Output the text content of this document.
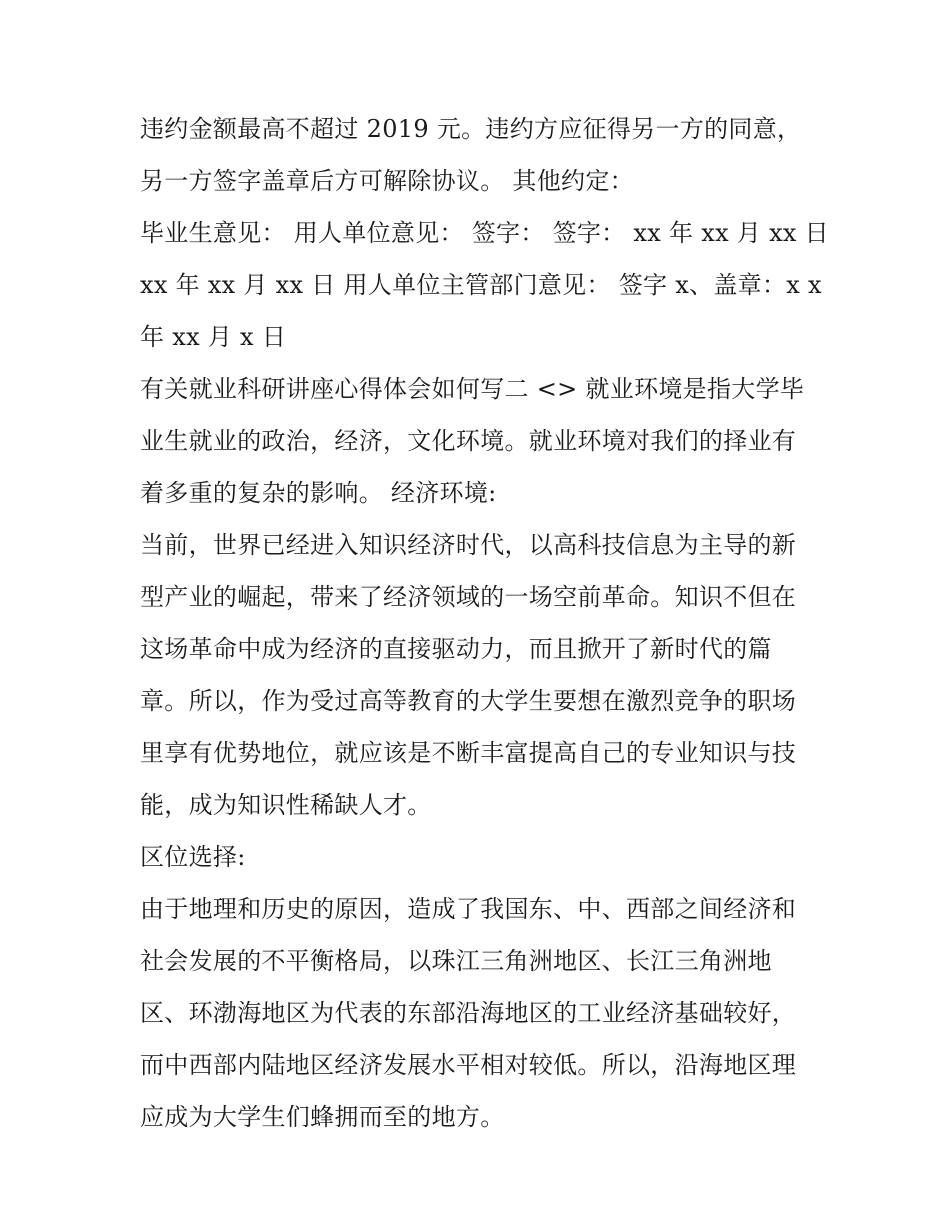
违约金额最高不超过 2019 元。违约方应征得另一方的同意，
另一方签字盖章后方可解除协议。 其他约定：
毕业生意见： 用人单位意见： 签字： 签字： xx 年 xx 月 xx 日
xx 年 xx 月 xx 日 用人单位主管部门意见： 签字 x、盖章：x x
年 xx 月 x 日
有关就业科研讲座心得体会如何写二 <> 就业环境是指大学毕
业生就业的政治，经济，文化环境。就业环境对我们的择业有
着多重的复杂的影响。 经济环境:
当前，世界已经进入知识经济时代，以高科技信息为主导的新
型产业的崛起，带来了经济领域的一场空前革命。知识不但在
这场革命中成为经济的直接驱动力，而且掀开了新时代的篇
章。所以，作为受过高等教育的大学生要想在激烈竞争的职场
里享有优势地位，就应该是不断丰富提高自己的专业知识与技
能，成为知识性稀缺人才。
区位选择:
由于地理和历史的原因，造成了我国东、中、西部之间经济和
社会发展的不平衡格局，以珠江三角洲地区、长江三角洲地
区、环渤海地区为代表的东部沿海地区的工业经济基础较好，
而中西部内陆地区经济发展水平相对较低。所以，沿海地区理
应成为大学生们蜂拥而至的地方。
